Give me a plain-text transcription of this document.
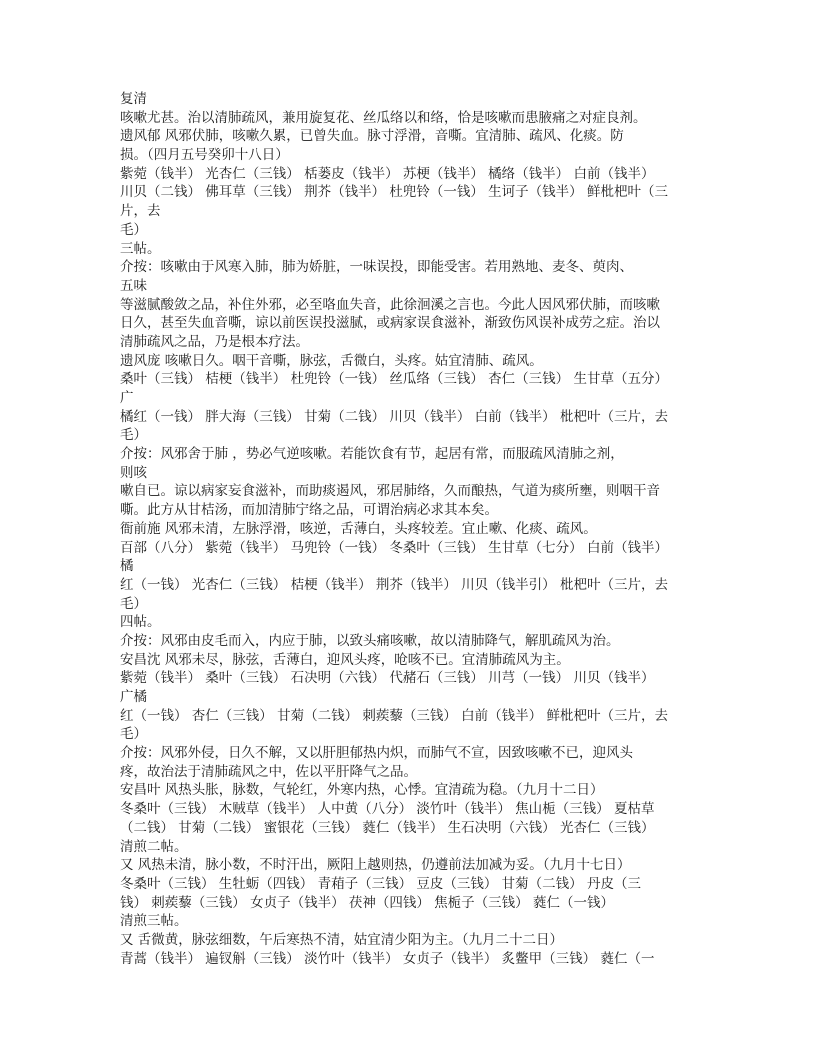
复清
咳嗽尤甚。治以清肺疏风，兼用旋复花、丝瓜络以和络，恰是咳嗽而患腋痛之对症良剂。
遗风郁 风邪伏肺，咳嗽久累，已曾失血。脉寸浮滑，音嘶。宜清肺、疏风、化痰。防
损。（四月五号癸卯十八日）
紫菀（钱半） 光杏仁（三钱） 栝蒌皮（钱半） 苏梗（钱半） 橘络（钱半） 白前（钱半）
川贝（二钱） 佛耳草（三钱） 荆芥（钱半） 杜兜铃（一钱） 生诃子（钱半） 鲜枇杷叶（三
片，去
毛）
三帖。
介按：咳嗽由于风寒入肺，肺为娇脏，一味误投，即能受害。若用熟地、麦冬、萸肉、
五味
等滋腻酸敛之品，补住外邪，必至咯血失音，此徐洄溪之言也。今此人因风邪伏肺，而咳嗽
日久，甚至失血音嘶，谅以前医误投滋腻，或病家误食滋补，渐致伤风误补成劳之症。治以
清肺疏风之品，乃是根本疗法。
遗风庞 咳嗽日久。咽干音嘶，脉弦，舌微白，头疼。姑宜清肺、疏风。
桑叶（三钱） 桔梗（钱半） 杜兜铃（一钱） 丝瓜络（三钱） 杏仁（三钱） 生甘草（五分）
广
橘红（一钱） 胖大海（三钱） 甘菊（二钱） 川贝（钱半） 白前（钱半） 枇杷叶（三片，去
毛）
介按：风邪舍于肺 ，势必气逆咳嗽。若能饮食有节，起居有常，而服疏风清肺之剂，
则咳
嗽自已。谅以病家妄食滋补，而助痰遏风，邪居肺络，久而酿热，气道为痰所壅，则咽干音
嘶。此方从甘桔汤，而加清肺宁络之品，可谓治病必求其本矣。
衙前施 风邪未清，左脉浮滑，咳逆，舌薄白，头疼较差。宜止嗽、化痰、疏风。
百部（八分） 紫菀（钱半） 马兜铃（一钱） 冬桑叶（三钱） 生甘草（七分） 白前（钱半）
橘
红（一钱） 光杏仁（三钱） 桔梗（钱半） 荆芥（钱半） 川贝（钱半引） 枇杷叶（三片，去
毛）
四帖。
介按：风邪由皮毛而入，内应于肺，以致头痛咳嗽，故以清肺降气，解肌疏风为治。
安昌沈 风邪未尽，脉弦，舌薄白，迎风头疼，呛咳不已。宜清肺疏风为主。
紫菀（钱半） 桑叶（三钱） 石决明（六钱） 代赭石（三钱） 川芎（一钱） 川贝（钱半）
广橘
红（一钱） 杏仁（三钱） 甘菊（二钱） 刺蒺藜（三钱） 白前（钱半） 鲜枇杷叶（三片，去
毛）
介按：风邪外侵，日久不解，又以肝胆郁热内炽，而肺气不宣，因致咳嗽不已，迎风头
疼，故治法于清肺疏风之中，佐以平肝降气之品。
安昌叶 风热头胀，脉数，气轮红，外寒内热，心悸。宜清疏为稳。（九月十二日）
冬桑叶（三钱） 木贼草（钱半） 人中黄（八分） 淡竹叶（钱半） 焦山栀（三钱） 夏枯草
（二钱） 甘菊（二钱） 蜜银花（三钱） 蕤仁（钱半） 生石决明（六钱） 光杏仁（三钱）
清煎二帖。
又 风热未清，脉小数，不时汗出，厥阳上越则热，仍遵前法加减为妥。（九月十七日）
冬桑叶（三钱） 生牡蛎（四钱） 青葙子（三钱） 豆皮（三钱） 甘菊（二钱） 丹皮（三
钱） 刺蒺藜（三钱） 女贞子（钱半） 茯神（四钱） 焦栀子（三钱） 蕤仁（一钱）
清煎三帖。
又 舌微黄，脉弦细数，午后寒热不清，姑宜清少阳为主。（九月二十二日）
青蒿（钱半） 遍钗斛（三钱） 淡竹叶（钱半） 女贞子（钱半） 炙鳖甲（三钱） 蕤仁（一
